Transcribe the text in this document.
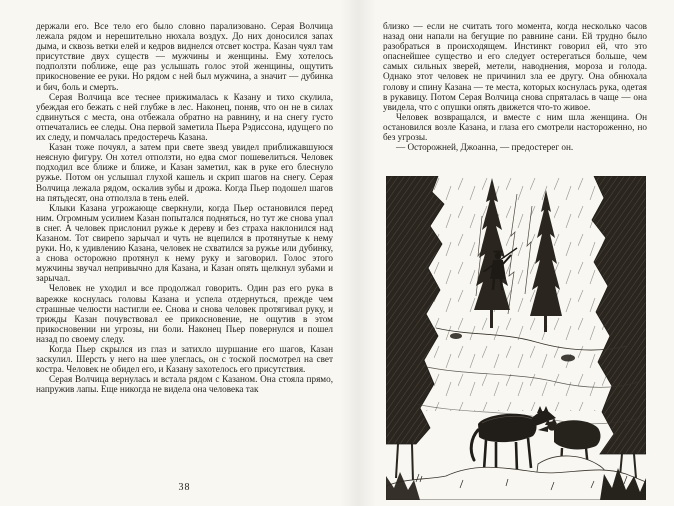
держали его. Все тело его было словно парализовано. Серая Волчица лежала рядом и нерешительно нюхала воздух. До них доносился запах дыма, и сквозь ветки елей и кедров виднелся отсвет костра. Казан чуял там присутствие двух существ — мужчины и женщины. Ему хотелось подползти поближе, еще раз услышать голос этой женщины, ощутить прикосновение ее руки. Но рядом с ней был мужчина, а значит — дубинка и бич, боль и смерть.

Серая Волчица все теснее прижималась к Казану и тихо скулила, убеждая его бежать с ней глубже в лес. Наконец, поняв, что он не в силах сдвинуться с места, она отбежала обратно на равнину, и на снегу густо отпечатались ее следы. Она первой заметила Пьера Рэдиссона, идущего по их следу, и помчалась предостеречь Казана.

Казан тоже почуял, а затем при свете звезд увидел приближавшуюся неясную фигуру. Он хотел отползти, но едва смог пошевелиться. Человек подходил все ближе и ближе, и Казан заметил, как в руке его блеснуло ружье. Потом он услышал глухой кашель и скрип шагов на снегу. Серая Волчица лежала рядом, оскалив зубы и дрожа. Когда Пьер подошел шагов на пятьдесят, она отползла в тень елей.

Клыки Казана угрожающе сверкнули, когда Пьер остановился перед ним. Огромным усилием Казан попытался подняться, но тут же снова упал в снег. А человек прислонил ружье к дереву и без страха наклонился над Казаном. Тот свирепо зарычал и чуть не вцепился в протянутые к нему руки. Но, к удивлению Казана, человек не схватился за ружье или дубинку, а снова осторожно протянул к нему руку и заговорил. Голос этого мужчины звучал непривычно для Казана, и Казан опять щелкнул зубами и зарычал.

Человек не уходил и все продолжал говорить. Один раз его рука в варежке коснулась головы Казана и успела отдернуться, прежде чем страшные челюсти настигли ее. Снова и снова человек протягивал руку, и трижды Казан почувствовал ее прикосновение, не ощутив в этом прикосновении ни угрозы, ни боли. Наконец Пьер повернулся и пошел назад по своему следу.

Когда Пьер скрылся из глаз и затихло шуршание его шагов, Казан заскулил. Шерсть у него на шее улеглась, он с тоской посмотрел на свет костра. Человек не обидел его, и Казану захотелось его присутствия.

Серая Волчица вернулась и встала рядом с Казаном. Она стояла прямо, напружив лапы. Еще никогда не видела она человека так

38

близко — если не считать того момента, когда несколько часов назад они напали на бегущие по равнине сани. Ей трудно было разобраться в происходящем. Инстинкт говорил ей, что это опаснейшее существо и его следует остерегаться больше, чем самых сильных зверей, метели, наводнения, мороза и голода. Однако этот человек не причинил зла ее другу. Она обнюхала голову и спину Казана — те места, которых коснулась рука, одетая в рукавицу. Потом Серая Волчица снова спряталась в чаще — она увидела, что с опушки опять движется что-то живое.

Человек возвращался, и вместе с ним шла женщина. Он остановился возле Казана, и глаза его смотрели настороженно, но без угрозы.

— Осторожней, Джоанна, — предостерег он.
